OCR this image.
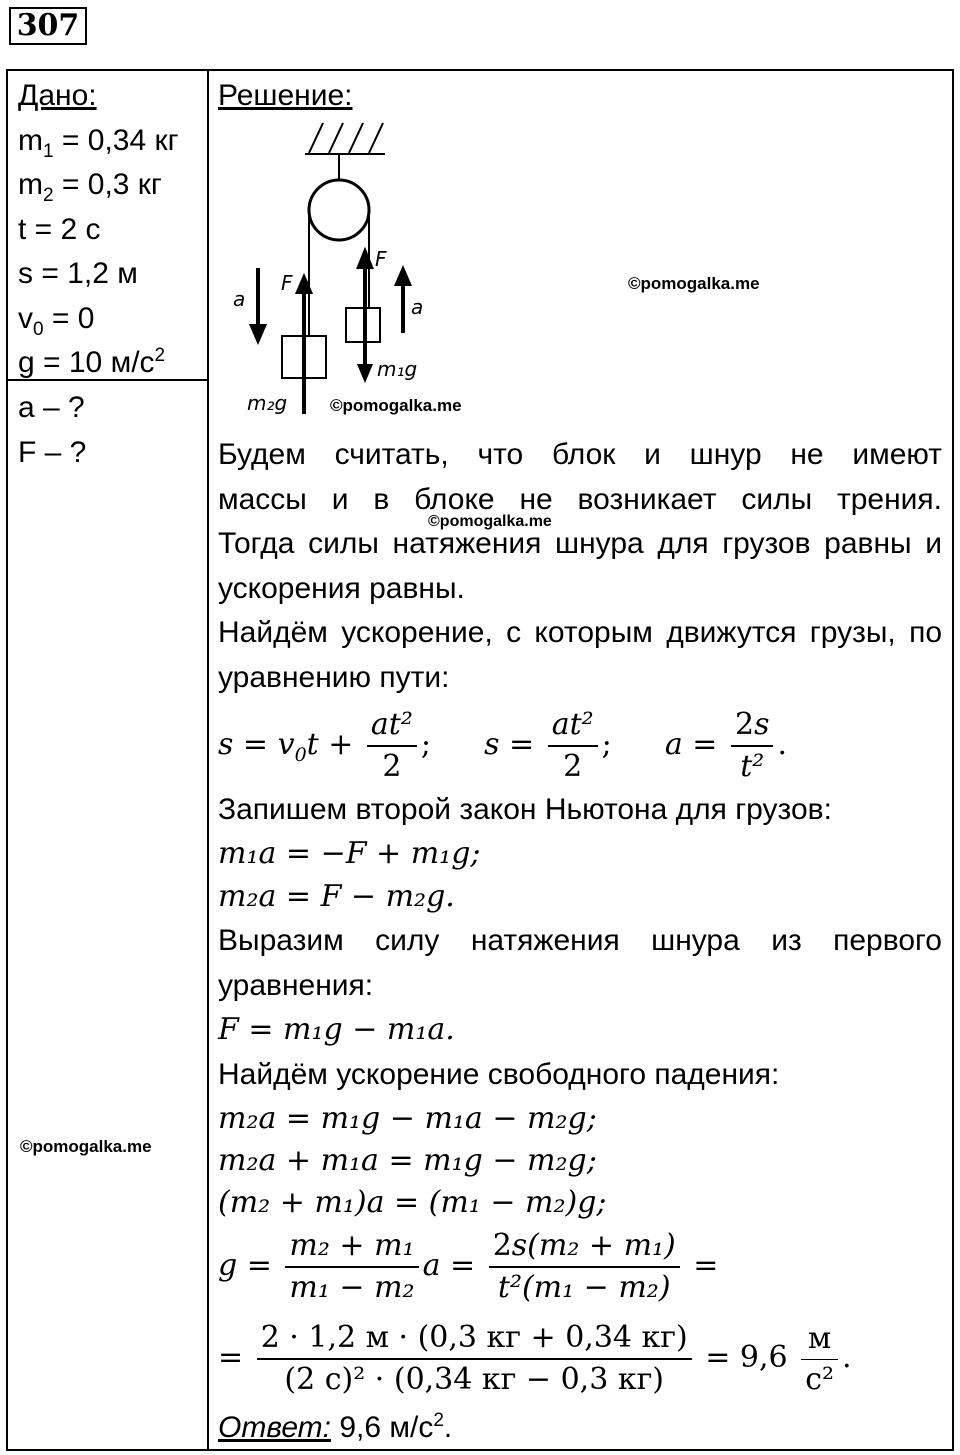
307
Дано:
$m_1 = 0,34$ кг
$m_2 = 0,3$ кг
t = 2 с
s = 1,2 м
$v_0 = 0$
g = 10 $м/с^2$
a – ?
F – ?
©pomogalka.me
Решение:
a
F
F
a
m₁g
m₂g
©pomogalka.me
©pomogalka.me
Будем считать, что блок и шнур не имеют
массы и в блоке не возникает силы трения.
©pomogalka.me
Тогда силы натяжения шнура для грузов равны и ускорения равны.
Найдём ускорение, с которым движутся грузы, по уравнению пути:
$s = v_0t + \frac{\text{at²}}{2}$ ; $s = \frac{\text{at²}}{2}$ ; $a = \frac{2s}{\text{t²}}$ .
Запишем второй закон Ньютона для грузов:
m₁a = −F + m₁g;
m₂a = F − m₂g.
Выразим силу натяжения шнура из первого уравнения:
F = m₁g − m₁a.
Найдём ускорение свободного падения:
m₂a = m₁g − m₁a − m₂g;
m₂a + m₁a = m₁g − m₂g;
(m₂ + m₁)a = (m₁ − m₂)g;
$g = \frac{\text{m₂ + m₁}}{\text{m₁ − m₂}}$ $a = \frac{\text{2s(m₂ + m₁)}}{\text{t²(m₁ − m₂)}}$ =
= $\frac{2 \cdot 1,2 м \cdot (0,3 кг + 0,34 кг)}{\text{(2 с)² · (0,34 кг − 0,3 кг)}} = 9,6 \frac{м}{\text{с²}}$ .
Ответ: 9,6 $м/с^2$.
